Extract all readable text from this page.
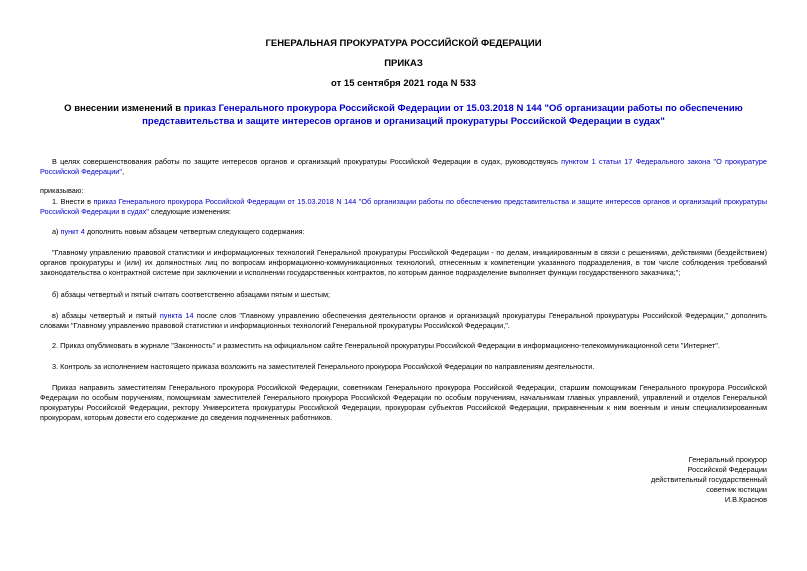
ГЕНЕРАЛЬНАЯ ПРОКУРАТУРА РОССИЙСКОЙ ФЕДЕРАЦИИ
ПРИКАЗ
от 15 сентября 2021 года N 533
О внесении изменений в приказ Генерального прокурора Российской Федерации от 15.03.2018 N 144 "Об организации работы по обеспечению представительства и защите интересов органов и организаций прокуратуры Российской Федерации в судах"
В целях совершенствования работы по защите интересов органов и организаций прокуратуры Российской Федерации в судах, руководствуясь пунктом 1 статьи 17 Федерального закона "О прокуратуре Российской Федерации",
приказываю:
1. Внести в приказ Генерального прокурора Российской Федерации от 15.03.2018 N 144 "Об организации работы по обеспечению представительства и защите интересов органов и организаций прокуратуры Российской Федерации в судах" следующие изменения:
а) пункт 4 дополнить новым абзацем четвертым следующего содержания:
"Главному управлению правовой статистики и информационных технологий Генеральной прокуратуры Российской Федерации - по делам, инициированным в связи с решениями, действиями (бездействием) органов прокуратуры и (или) их должностных лиц по вопросам информационно-коммуникационных технологий, отнесенным к компетенции указанного подразделения, в том числе соблюдения требований законодательства о контрактной системе при заключении и исполнении государственных контрактов, по которым данное подразделение выполняет функции государственного заказчика;";
б) абзацы четвертый и пятый считать соответственно абзацами пятым и шестым;
в) абзацы четвертый и пятый пункта 14 после слов "Главному управлению обеспечения деятельности органов и организаций прокуратуры Генеральной прокуратуры Российской Федерации," дополнить словами "Главному управлению правовой статистики и информационных технологий Генеральной прокуратуры Российской Федерации,".
2. Приказ опубликовать в журнале "Законность" и разместить на официальном сайте Генеральной прокуратуры Российской Федерации в информационно-телекоммуникационной сети "Интернет".
3. Контроль за исполнением настоящего приказа возложить на заместителей Генерального прокурора Российской Федерации по направлениям деятельности.
Приказ направить заместителям Генерального прокурора Российской Федерации, советникам Генерального прокурора Российской Федерации, старшим помощникам Генерального прокурора Российской Федерации по особым поручениям, помощникам заместителей Генерального прокурора Российской Федерации по особым поручениям, начальникам главных управлений, управлений и отделов Генеральной прокуратуры Российской Федерации, ректору Университета прокуратуры Российской Федерации, прокурорам субъектов Российской Федерации, приравненным к ним военным и иным специализированным прокурорам, которым довести его содержание до сведения подчиненных работников.
Генеральный прокурор
Российской Федерации
действительный государственный
советник юстиции
И.В.Краснов
